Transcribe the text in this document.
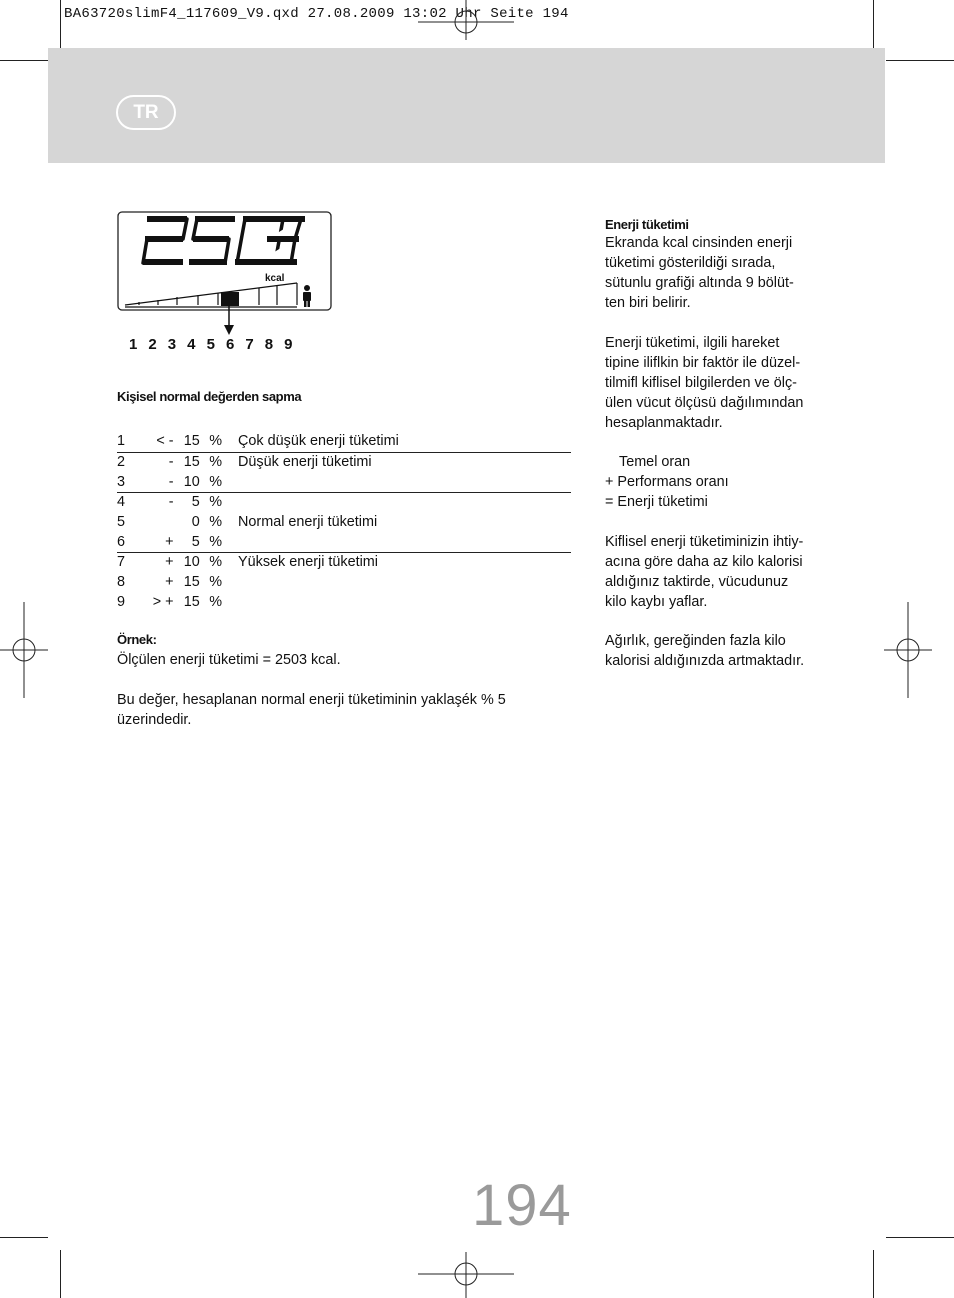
BA63720slimF4_117609_V9.qxd 27.08.2009 13:02 Uhr Seite 194
TR
kcal
1 2 3 4 5 6 7 8 9
Kişisel normal değerden sapma
1	< -	15	%	Çok düşük enerji tüketimi
2	-	15	%	Düşük enerji tüketimi
3	-	10	%	
4	-	5	%	
5		0	%	Normal enerji tüketimi
6	+	5	%	
7	+	10	%	Yüksek enerji tüketimi
8	+	15	%	
9	> +	15	%	
Örnek:
Ölçülen enerji tüketimi = 2503 kcal.
Bu değer, hesaplanan normal enerji tüketiminin yaklaşék % 5
üzerindedir.
Enerji tüketimi

Ekranda kcal cinsinden enerji
tüketimi gösterildiği sırada,
sütunlu grafiği altında 9 bölüt-
ten biri belirir.

Enerji tüketimi, ilgili hareket
tipine iliflkin bir faktör ile düzel-
tilmifl kiflisel bilgilerden ve ölç-
ülen vücut ölçüsü dağılımından
hesaplanmaktadır.

Temel oran
+ Performans oranı
= Enerji tüketimi

Kiflisel enerji tüketiminizin ihtiy-
acına göre daha az kilo kalorisi
aldığınız taktirde, vücudunuz
kilo kaybı yaflar.

Ağırlık, gereğinden fazla kilo
kalorisi aldığınızda artmaktadır.

194
